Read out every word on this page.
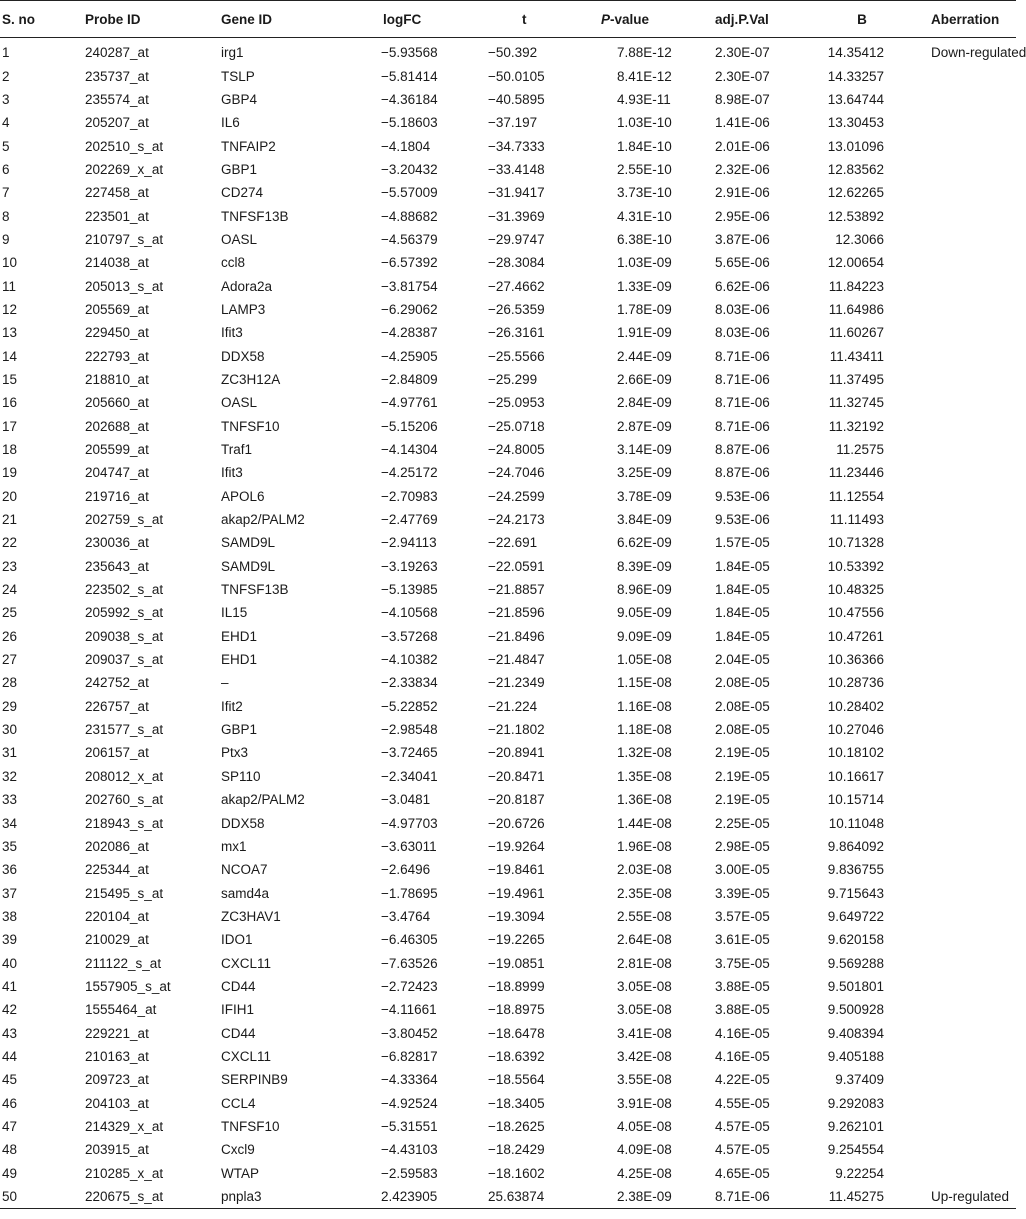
S. no	Probe ID	Gene ID	logFC	t	P-value	adj.P.Val	B	Aberration
1	240287_at	irg1	−5.93568	−50.392	7.88E-12	2.30E-07	14.35412	Down-regulated
2	235737_at	TSLP	−5.81414	−50.0105	8.41E-12	2.30E-07	14.33257	
3	235574_at	GBP4	−4.36184	−40.5895	4.93E-11	8.98E-07	13.64744	
4	205207_at	IL6	−5.18603	−37.197	1.03E-10	1.41E-06	13.30453	
5	202510_s_at	TNFAIP2	−4.1804	−34.7333	1.84E-10	2.01E-06	13.01096	
6	202269_x_at	GBP1	−3.20432	−33.4148	2.55E-10	2.32E-06	12.83562	
7	227458_at	CD274	−5.57009	−31.9417	3.73E-10	2.91E-06	12.62265	
8	223501_at	TNFSF13B	−4.88682	−31.3969	4.31E-10	2.95E-06	12.53892	
9	210797_s_at	OASL	−4.56379	−29.9747	6.38E-10	3.87E-06	12.3066	
10	214038_at	ccl8	−6.57392	−28.3084	1.03E-09	5.65E-06	12.00654	
11	205013_s_at	Adora2a	−3.81754	−27.4662	1.33E-09	6.62E-06	11.84223	
12	205569_at	LAMP3	−6.29062	−26.5359	1.78E-09	8.03E-06	11.64986	
13	229450_at	Ifit3	−4.28387	−26.3161	1.91E-09	8.03E-06	11.60267	
14	222793_at	DDX58	−4.25905	−25.5566	2.44E-09	8.71E-06	11.43411	
15	218810_at	ZC3H12A	−2.84809	−25.299	2.66E-09	8.71E-06	11.37495	
16	205660_at	OASL	−4.97761	−25.0953	2.84E-09	8.71E-06	11.32745	
17	202688_at	TNFSF10	−5.15206	−25.0718	2.87E-09	8.71E-06	11.32192	
18	205599_at	Traf1	−4.14304	−24.8005	3.14E-09	8.87E-06	11.2575	
19	204747_at	Ifit3	−4.25172	−24.7046	3.25E-09	8.87E-06	11.23446	
20	219716_at	APOL6	−2.70983	−24.2599	3.78E-09	9.53E-06	11.12554	
21	202759_s_at	akap2/PALM2	−2.47769	−24.2173	3.84E-09	9.53E-06	11.11493	
22	230036_at	SAMD9L	−2.94113	−22.691	6.62E-09	1.57E-05	10.71328	
23	235643_at	SAMD9L	−3.19263	−22.0591	8.39E-09	1.84E-05	10.53392	
24	223502_s_at	TNFSF13B	−5.13985	−21.8857	8.96E-09	1.84E-05	10.48325	
25	205992_s_at	IL15	−4.10568	−21.8596	9.05E-09	1.84E-05	10.47556	
26	209038_s_at	EHD1	−3.57268	−21.8496	9.09E-09	1.84E-05	10.47261	
27	209037_s_at	EHD1	−4.10382	−21.4847	1.05E-08	2.04E-05	10.36366	
28	242752_at	–	−2.33834	−21.2349	1.15E-08	2.08E-05	10.28736	
29	226757_at	Ifit2	−5.22852	−21.224	1.16E-08	2.08E-05	10.28402	
30	231577_s_at	GBP1	−2.98548	−21.1802	1.18E-08	2.08E-05	10.27046	
31	206157_at	Ptx3	−3.72465	−20.8941	1.32E-08	2.19E-05	10.18102	
32	208012_x_at	SP110	−2.34041	−20.8471	1.35E-08	2.19E-05	10.16617	
33	202760_s_at	akap2/PALM2	−3.0481	−20.8187	1.36E-08	2.19E-05	10.15714	
34	218943_s_at	DDX58	−4.97703	−20.6726	1.44E-08	2.25E-05	10.11048	
35	202086_at	mx1	−3.63011	−19.9264	1.96E-08	2.98E-05	9.864092	
36	225344_at	NCOA7	−2.6496	−19.8461	2.03E-08	3.00E-05	9.836755	
37	215495_s_at	samd4a	−1.78695	−19.4961	2.35E-08	3.39E-05	9.715643	
38	220104_at	ZC3HAV1	−3.4764	−19.3094	2.55E-08	3.57E-05	9.649722	
39	210029_at	IDO1	−6.46305	−19.2265	2.64E-08	3.61E-05	9.620158	
40	211122_s_at	CXCL11	−7.63526	−19.0851	2.81E-08	3.75E-05	9.569288	
41	1557905_s_at	CD44	−2.72423	−18.8999	3.05E-08	3.88E-05	9.501801	
42	1555464_at	IFIH1	−4.11661	−18.8975	3.05E-08	3.88E-05	9.500928	
43	229221_at	CD44	−3.80452	−18.6478	3.41E-08	4.16E-05	9.408394	
44	210163_at	CXCL11	−6.82817	−18.6392	3.42E-08	4.16E-05	9.405188	
45	209723_at	SERPINB9	−4.33364	−18.5564	3.55E-08	4.22E-05	9.37409	
46	204103_at	CCL4	−4.92524	−18.3405	3.91E-08	4.55E-05	9.292083	
47	214329_x_at	TNFSF10	−5.31551	−18.2625	4.05E-08	4.57E-05	9.262101	
48	203915_at	Cxcl9	−4.43103	−18.2429	4.09E-08	4.57E-05	9.254554	
49	210285_x_at	WTAP	−2.59583	−18.1602	4.25E-08	4.65E-05	9.22254	
50	220675_s_at	pnpla3	2.423905	25.63874	2.38E-09	8.71E-06	11.45275	Up-regulated
